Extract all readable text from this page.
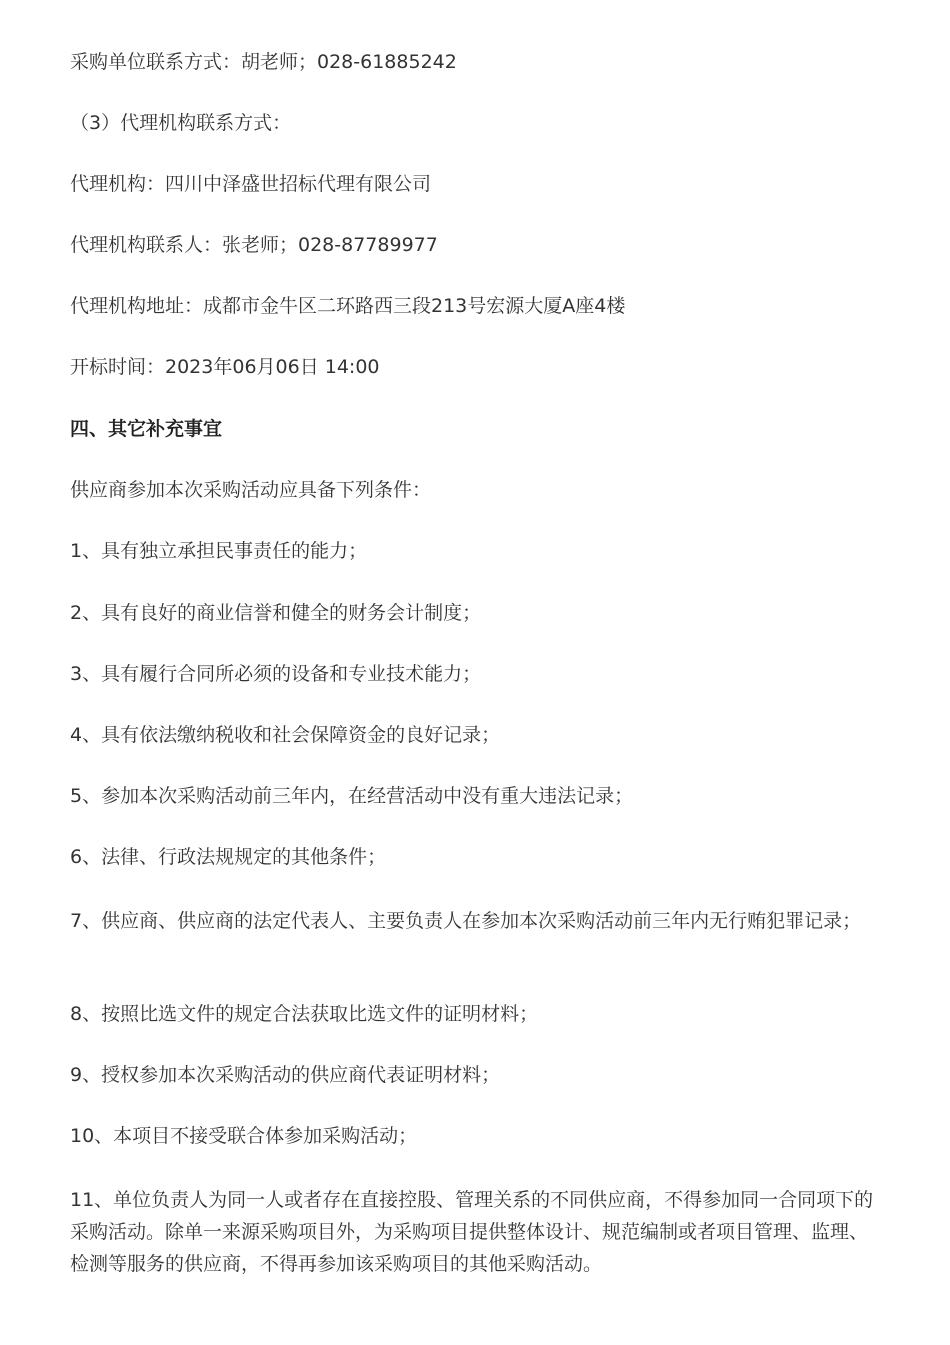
采购单位联系方式：胡老师；028-61885242
（3）代理机构联系方式：
代理机构：四川中泽盛世招标代理有限公司
代理机构联系人：张老师；028-87789977
代理机构地址：成都市金牛区二环路西三段213号宏源大厦A座4楼
开标时间：2023年06月06日 14:00
四、其它补充事宜
供应商参加本次采购活动应具备下列条件：
1、具有独立承担民事责任的能力；
2、具有良好的商业信誉和健全的财务会计制度；
3、具有履行合同所必须的设备和专业技术能力；
4、具有依法缴纳税收和社会保障资金的良好记录；
5、参加本次采购活动前三年内，在经营活动中没有重大违法记录；
6、法律、行政法规规定的其他条件；
7、供应商、供应商的法定代表人、主要负责人在参加本次采购活动前三年内无行贿犯罪记录；
8、按照比选文件的规定合法获取比选文件的证明材料；
9、授权参加本次采购活动的供应商代表证明材料；
10、本项目不接受联合体参加采购活动；
11、单位负责人为同一人或者存在直接控股、管理关系的不同供应商，不得参加同一合同项下的采购活动。除单一来源采购项目外，为采购项目提供整体设计、规范编制或者项目管理、监理、检测等服务的供应商，不得再参加该采购项目的其他采购活动。
